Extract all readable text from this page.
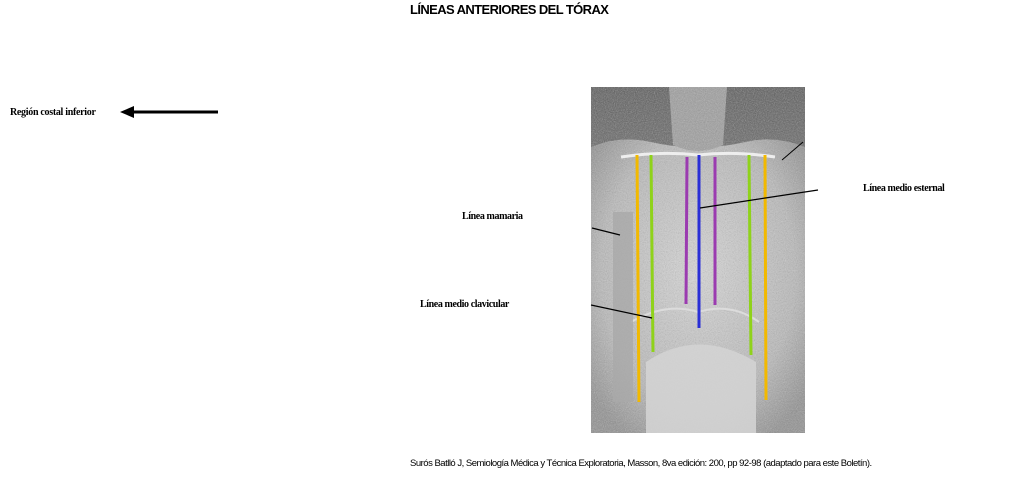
LÍNEAS ANTERIORES DEL TÓRAX
Región costal inferior
Línea medio esternal
Línea mamaria
Línea medio clavicular
Surós Batlló J, Semiología Médica y Técnica Exploratoria, Masson, 8va edición: 200, pp 92-98 (adaptado para este Boletín).
